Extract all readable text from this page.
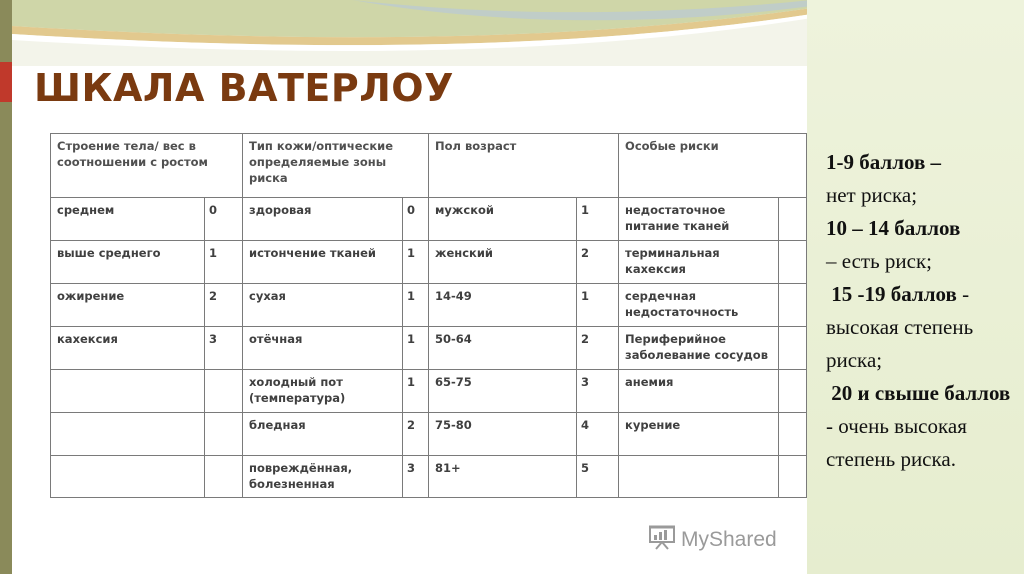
ШКАЛА ВАТЕРЛОУ
Строение тела/ вес в соотношении с ростом		Тип кожи/оптические определяемые зоны риска		Пол возраст		Особые риски	
среднем	0	здоровая	0	мужской	1	недостаточное питание тканей	
выше среднего	1	истончение тканей	1	женский	2	терминальная кахексия	
ожирение	2	сухая	1	14-49	1	сердечная недостаточность	
кахексия	3	отёчная	1	50-64	2	Периферийное заболевание сосудов	
		холодный пот (температура)	1	65-75	3	анемия	
		бледная	2	75-80	4	курение	
		повреждённая, болезненная	3	81+	5		
1-9 баллов –
нет риска;
10 – 14 баллов
– есть риск;
15 -19 баллов - высокая степень риска;
20 и свыше баллов - очень высокая степень риска.
MyShared
